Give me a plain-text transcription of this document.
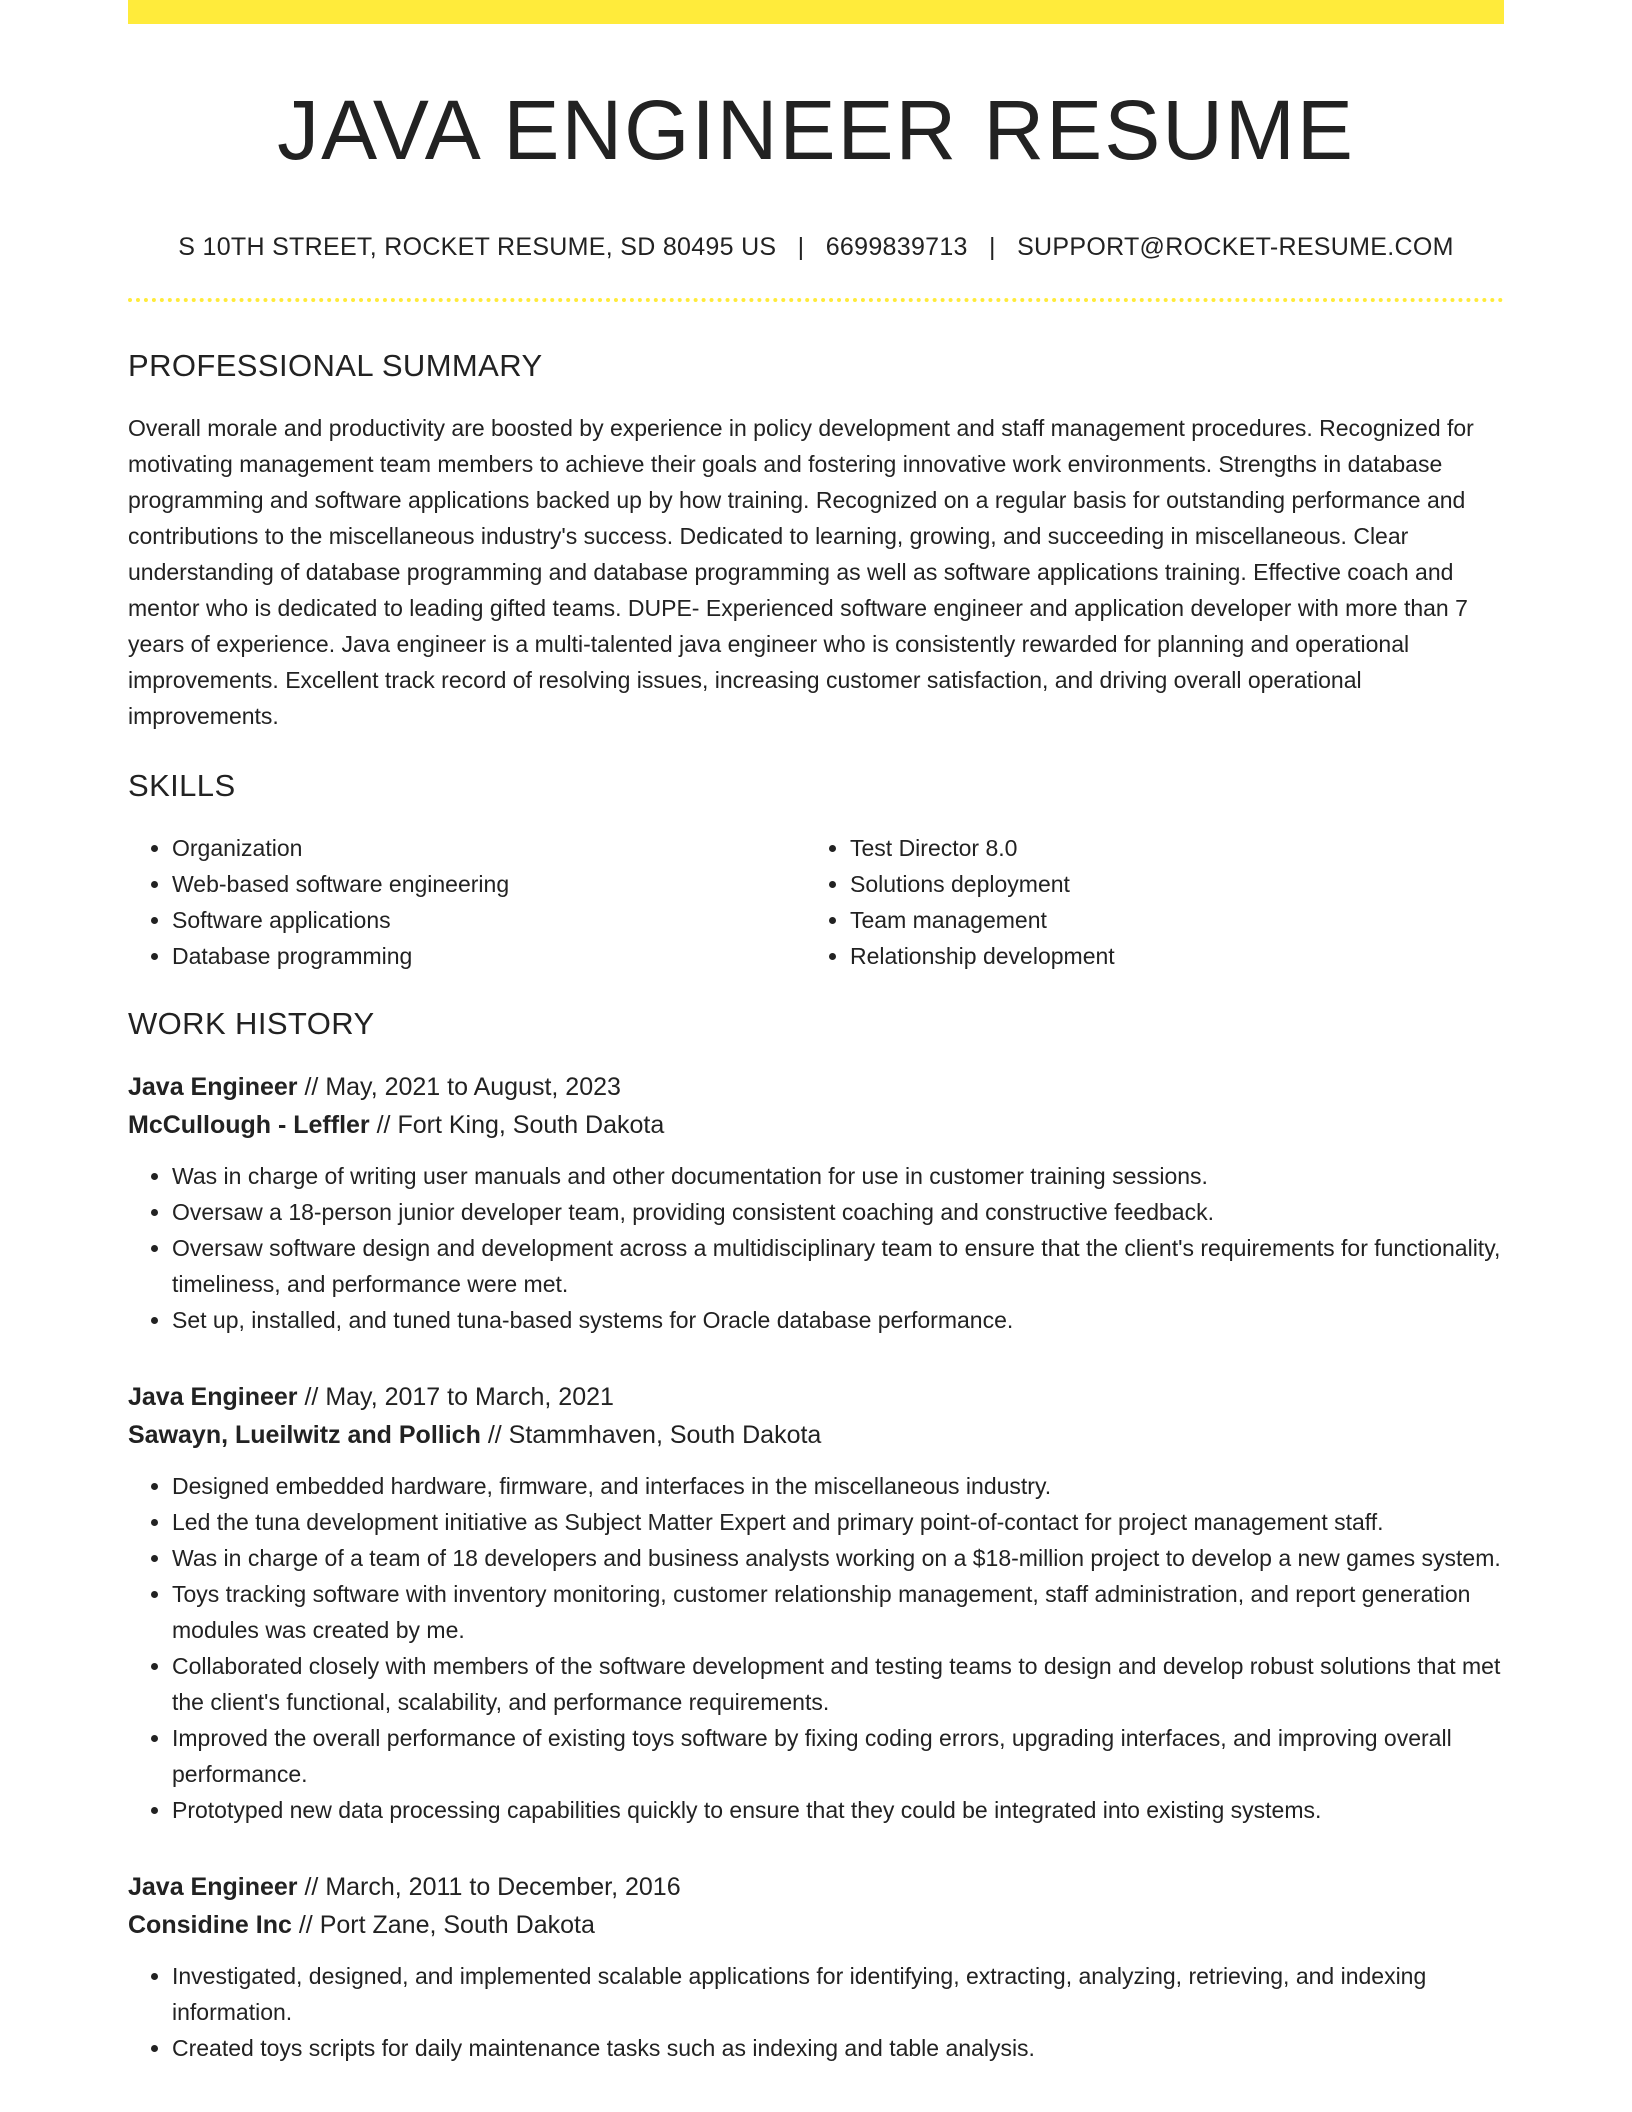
JAVA ENGINEER RESUME
S 10TH STREET, ROCKET RESUME, SD 80495 US | 6699839713 | SUPPORT@ROCKET-RESUME.COM
PROFESSIONAL SUMMARY
Overall morale and productivity are boosted by experience in policy development and staff management procedures. Recognized for motivating management team members to achieve their goals and fostering innovative work environments. Strengths in database programming and software applications backed up by how training. Recognized on a regular basis for outstanding performance and contributions to the miscellaneous industry's success. Dedicated to learning, growing, and succeeding in miscellaneous. Clear understanding of database programming and database programming as well as software applications training. Effective coach and mentor who is dedicated to leading gifted teams. DUPE- Experienced software engineer and application developer with more than 7 years of experience. Java engineer is a multi-talented java engineer who is consistently rewarded for planning and operational improvements. Excellent track record of resolving issues, increasing customer satisfaction, and driving overall operational improvements.
SKILLS
• Organization
• Web-based software engineering
• Software applications
• Database programming
• Test Director 8.0
• Solutions deployment
• Team management
• Relationship development
WORK HISTORY
Java Engineer // May, 2021 to August, 2023
McCullough - Leffler // Fort King, South Dakota
• Was in charge of writing user manuals and other documentation for use in customer training sessions.
• Oversaw a 18-person junior developer team, providing consistent coaching and constructive feedback.
• Oversaw software design and development across a multidisciplinary team to ensure that the client's requirements for functionality, timeliness, and performance were met.
• Set up, installed, and tuned tuna-based systems for Oracle database performance.
Java Engineer // May, 2017 to March, 2021
Sawayn, Lueilwitz and Pollich // Stammhaven, South Dakota
• Designed embedded hardware, firmware, and interfaces in the miscellaneous industry.
• Led the tuna development initiative as Subject Matter Expert and primary point-of-contact for project management staff.
• Was in charge of a team of 18 developers and business analysts working on a $18-million project to develop a new games system.
• Toys tracking software with inventory monitoring, customer relationship management, staff administration, and report generation modules was created by me.
• Collaborated closely with members of the software development and testing teams to design and develop robust solutions that met the client's functional, scalability, and performance requirements.
• Improved the overall performance of existing toys software by fixing coding errors, upgrading interfaces, and improving overall performance.
• Prototyped new data processing capabilities quickly to ensure that they could be integrated into existing systems.
Java Engineer // March, 2011 to December, 2016
Considine Inc // Port Zane, South Dakota
• Investigated, designed, and implemented scalable applications for identifying, extracting, analyzing, retrieving, and indexing information.
• Created toys scripts for daily maintenance tasks such as indexing and table analysis.
